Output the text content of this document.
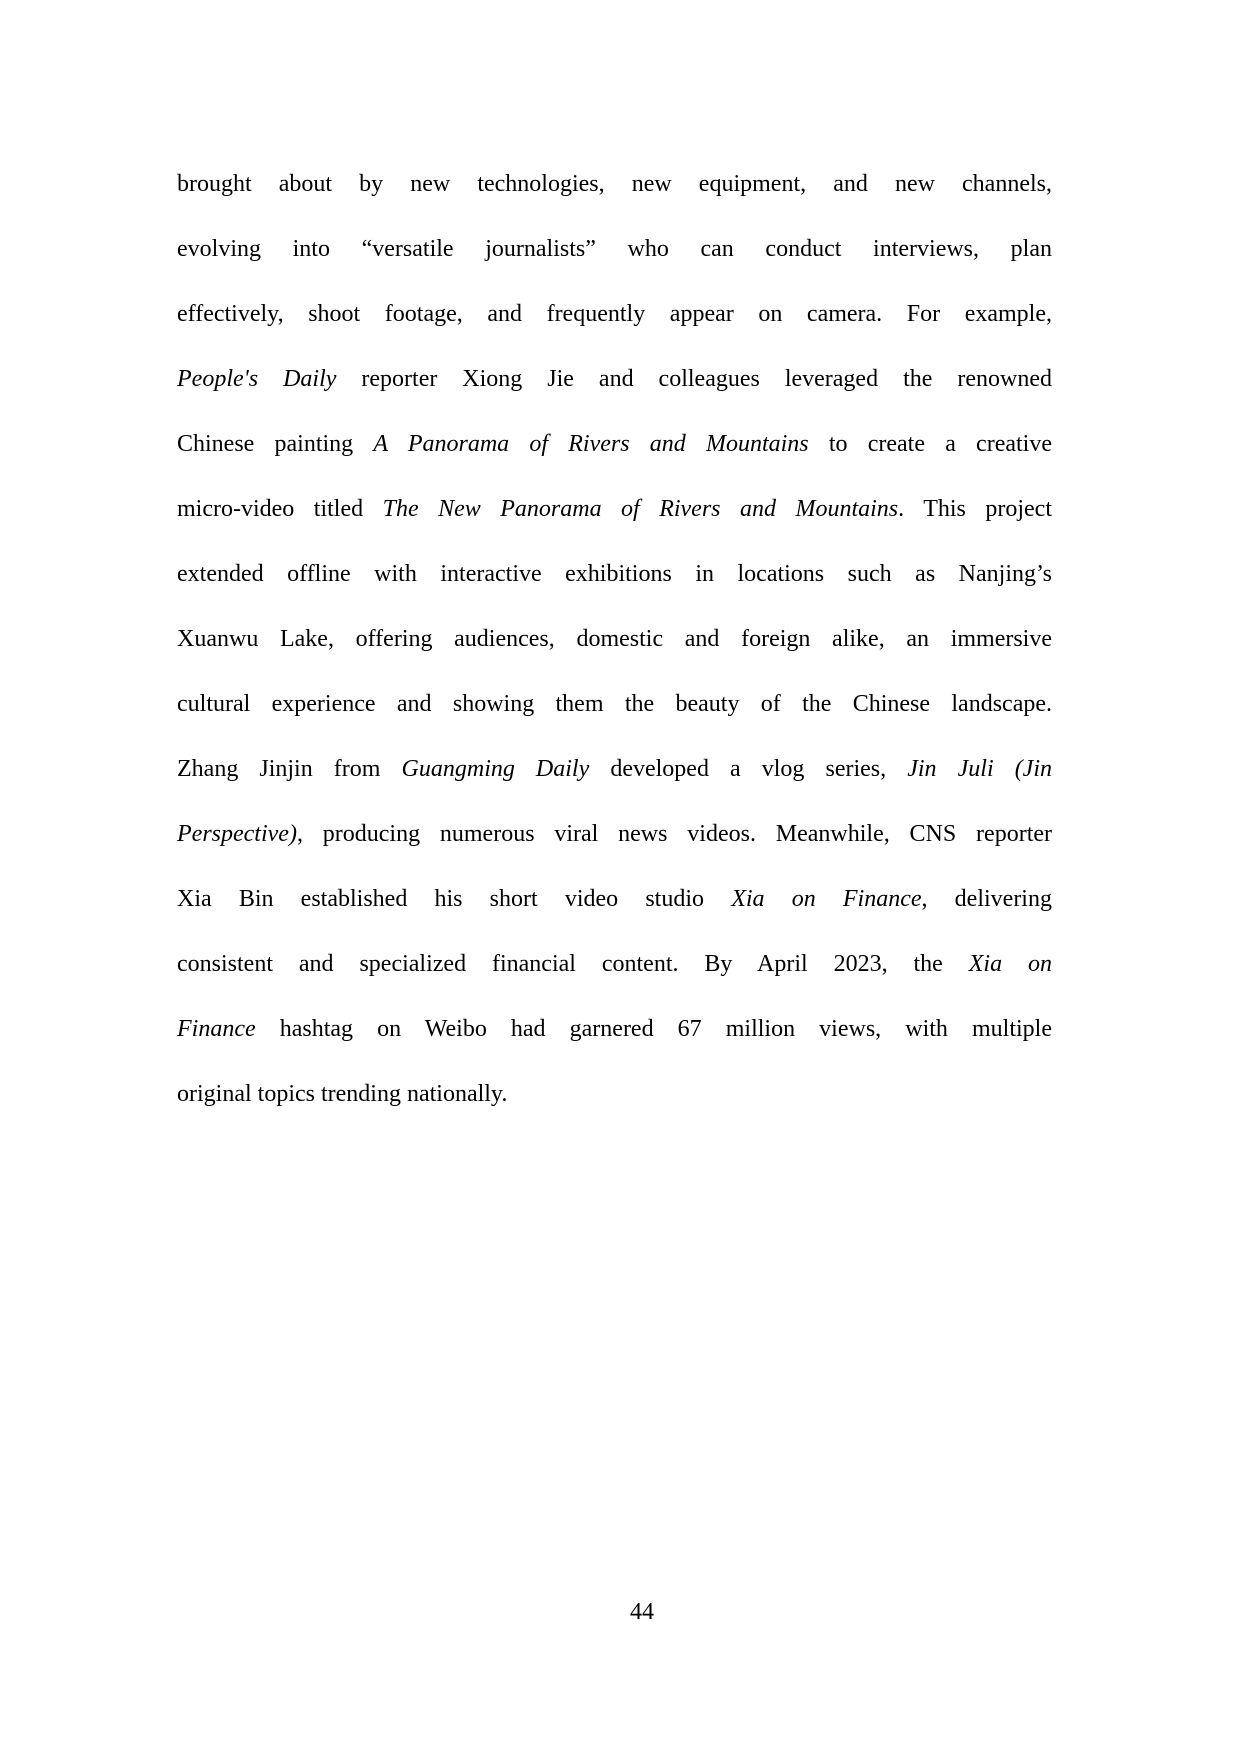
brought about by new technologies, new equipment, and new channels,
evolving into “versatile journalists” who can conduct interviews, plan
effectively, shoot footage, and frequently appear on camera. For example,
People's Daily reporter Xiong Jie and colleagues leveraged the renowned
Chinese painting A Panorama of Rivers and Mountains to create a creative
micro-video titled The New Panorama of Rivers and Mountains. This project
extended offline with interactive exhibitions in locations such as Nanjing’s
Xuanwu Lake, offering audiences, domestic and foreign alike, an immersive
cultural experience and showing them the beauty of the Chinese landscape.
Zhang Jinjin from Guangming Daily developed a vlog series, Jin Juli (Jin
Perspective), producing numerous viral news videos. Meanwhile, CNS reporter
Xia Bin established his short video studio Xia on Finance, delivering
consistent and specialized financial content. By April 2023, the Xia on
Finance hashtag on Weibo had garnered 67 million views, with multiple
original topics trending nationally.
44
